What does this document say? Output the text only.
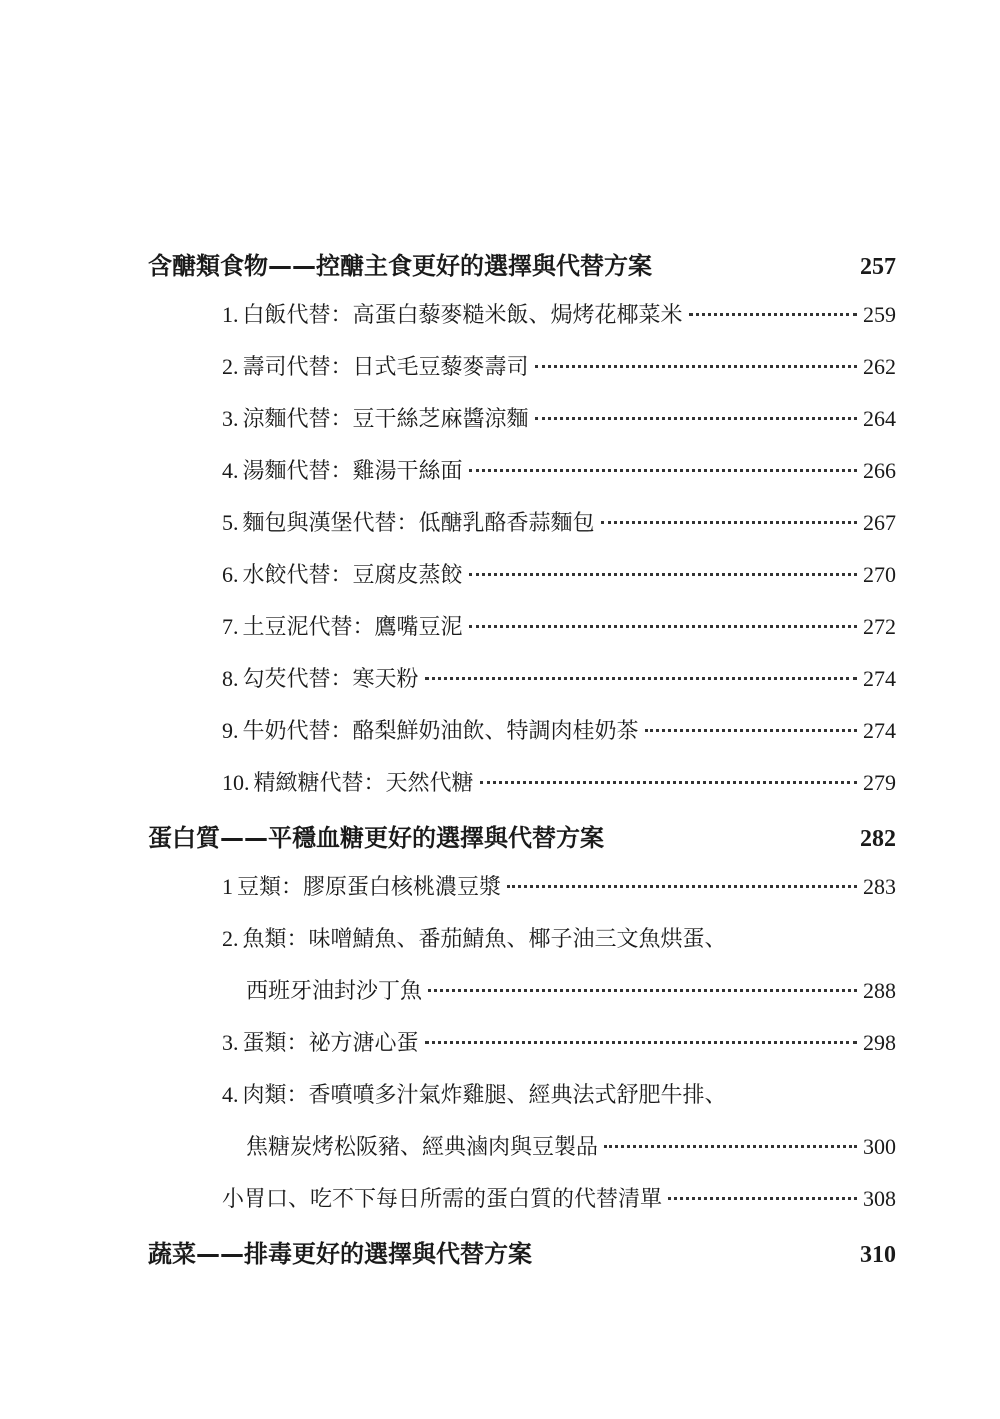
含醣類食物——控醣主食更好的選擇與代替方案	257
1. 白飯代替：高蛋白藜麥糙米飯、焗烤花椰菜米	259
2. 壽司代替：日式毛豆藜麥壽司	262
3. 涼麵代替：豆干絲芝麻醬涼麵	264
4. 湯麵代替：雞湯干絲面	266
5. 麵包與漢堡代替：低醣乳酪香蒜麵包	267
6. 水餃代替：豆腐皮蒸餃	270
7. 土豆泥代替：鷹嘴豆泥	272
8. 勾芡代替：寒天粉	274
9. 牛奶代替：酪梨鮮奶油飲、特調肉桂奶茶	274
10. 精緻糖代替：天然代糖	279
蛋白質——平穩血糖更好的選擇與代替方案	282
1 豆類：膠原蛋白核桃濃豆漿	283
2. 魚類：味噌鯖魚、番茄鯖魚、椰子油三文魚烘蛋、
西班牙油封沙丁魚	288
3. 蛋類：祕方溏心蛋	298
4. 肉類：香噴噴多汁氣炸雞腿、經典法式舒肥牛排、
焦糖炭烤松阪豬、經典滷肉與豆製品	300
小胃口、吃不下每日所需的蛋白質的代替清單	308
蔬菜——排毒更好的選擇與代替方案	310
